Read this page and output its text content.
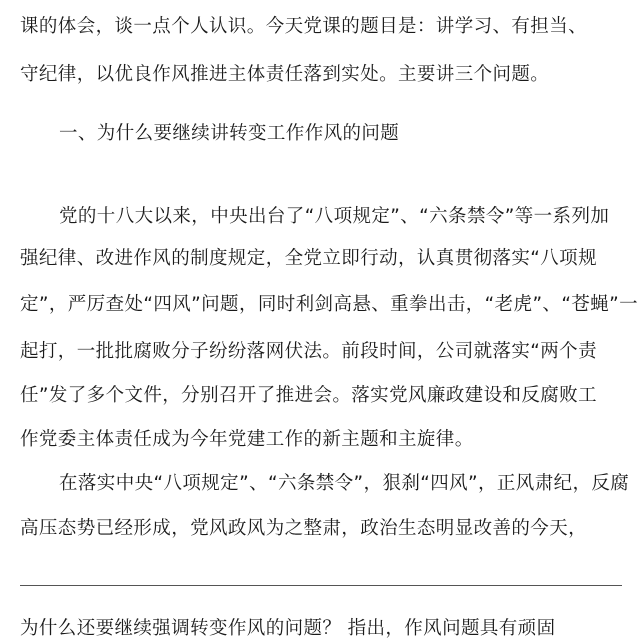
课的体会，谈一点个人认识。今天党课的题目是：讲学习、有担当、
守纪律，以优良作风推进主体责任落到实处。主要讲三个问题。
一、为什么要继续讲转变工作作风的问题
党的十八大以来，中央出台了“八项规定”、“六条禁令”等一系列加
强纪律、改进作风的制度规定，全党立即行动，认真贯彻落实“八项规
定”，严厉查处“四风”问题，同时利剑高悬、重拳出击，“老虎”、“苍蝇”一
起打，一批批腐败分子纷纷落网伏法。前段时间，公司就落实“两个责
任”发了多个文件，分别召开了推进会。落实党风廉政建设和反腐败工
作党委主体责任成为今年党建工作的新主题和主旋律。
在落实中央“八项规定”、“六条禁令”，狠刹“四风”，正风肃纪，反腐
高压态势已经形成，党风政风为之整肃，政治生态明显改善的今天，
为什么还要继续强调转变作风的问题？ 指出，作风问题具有顽固
